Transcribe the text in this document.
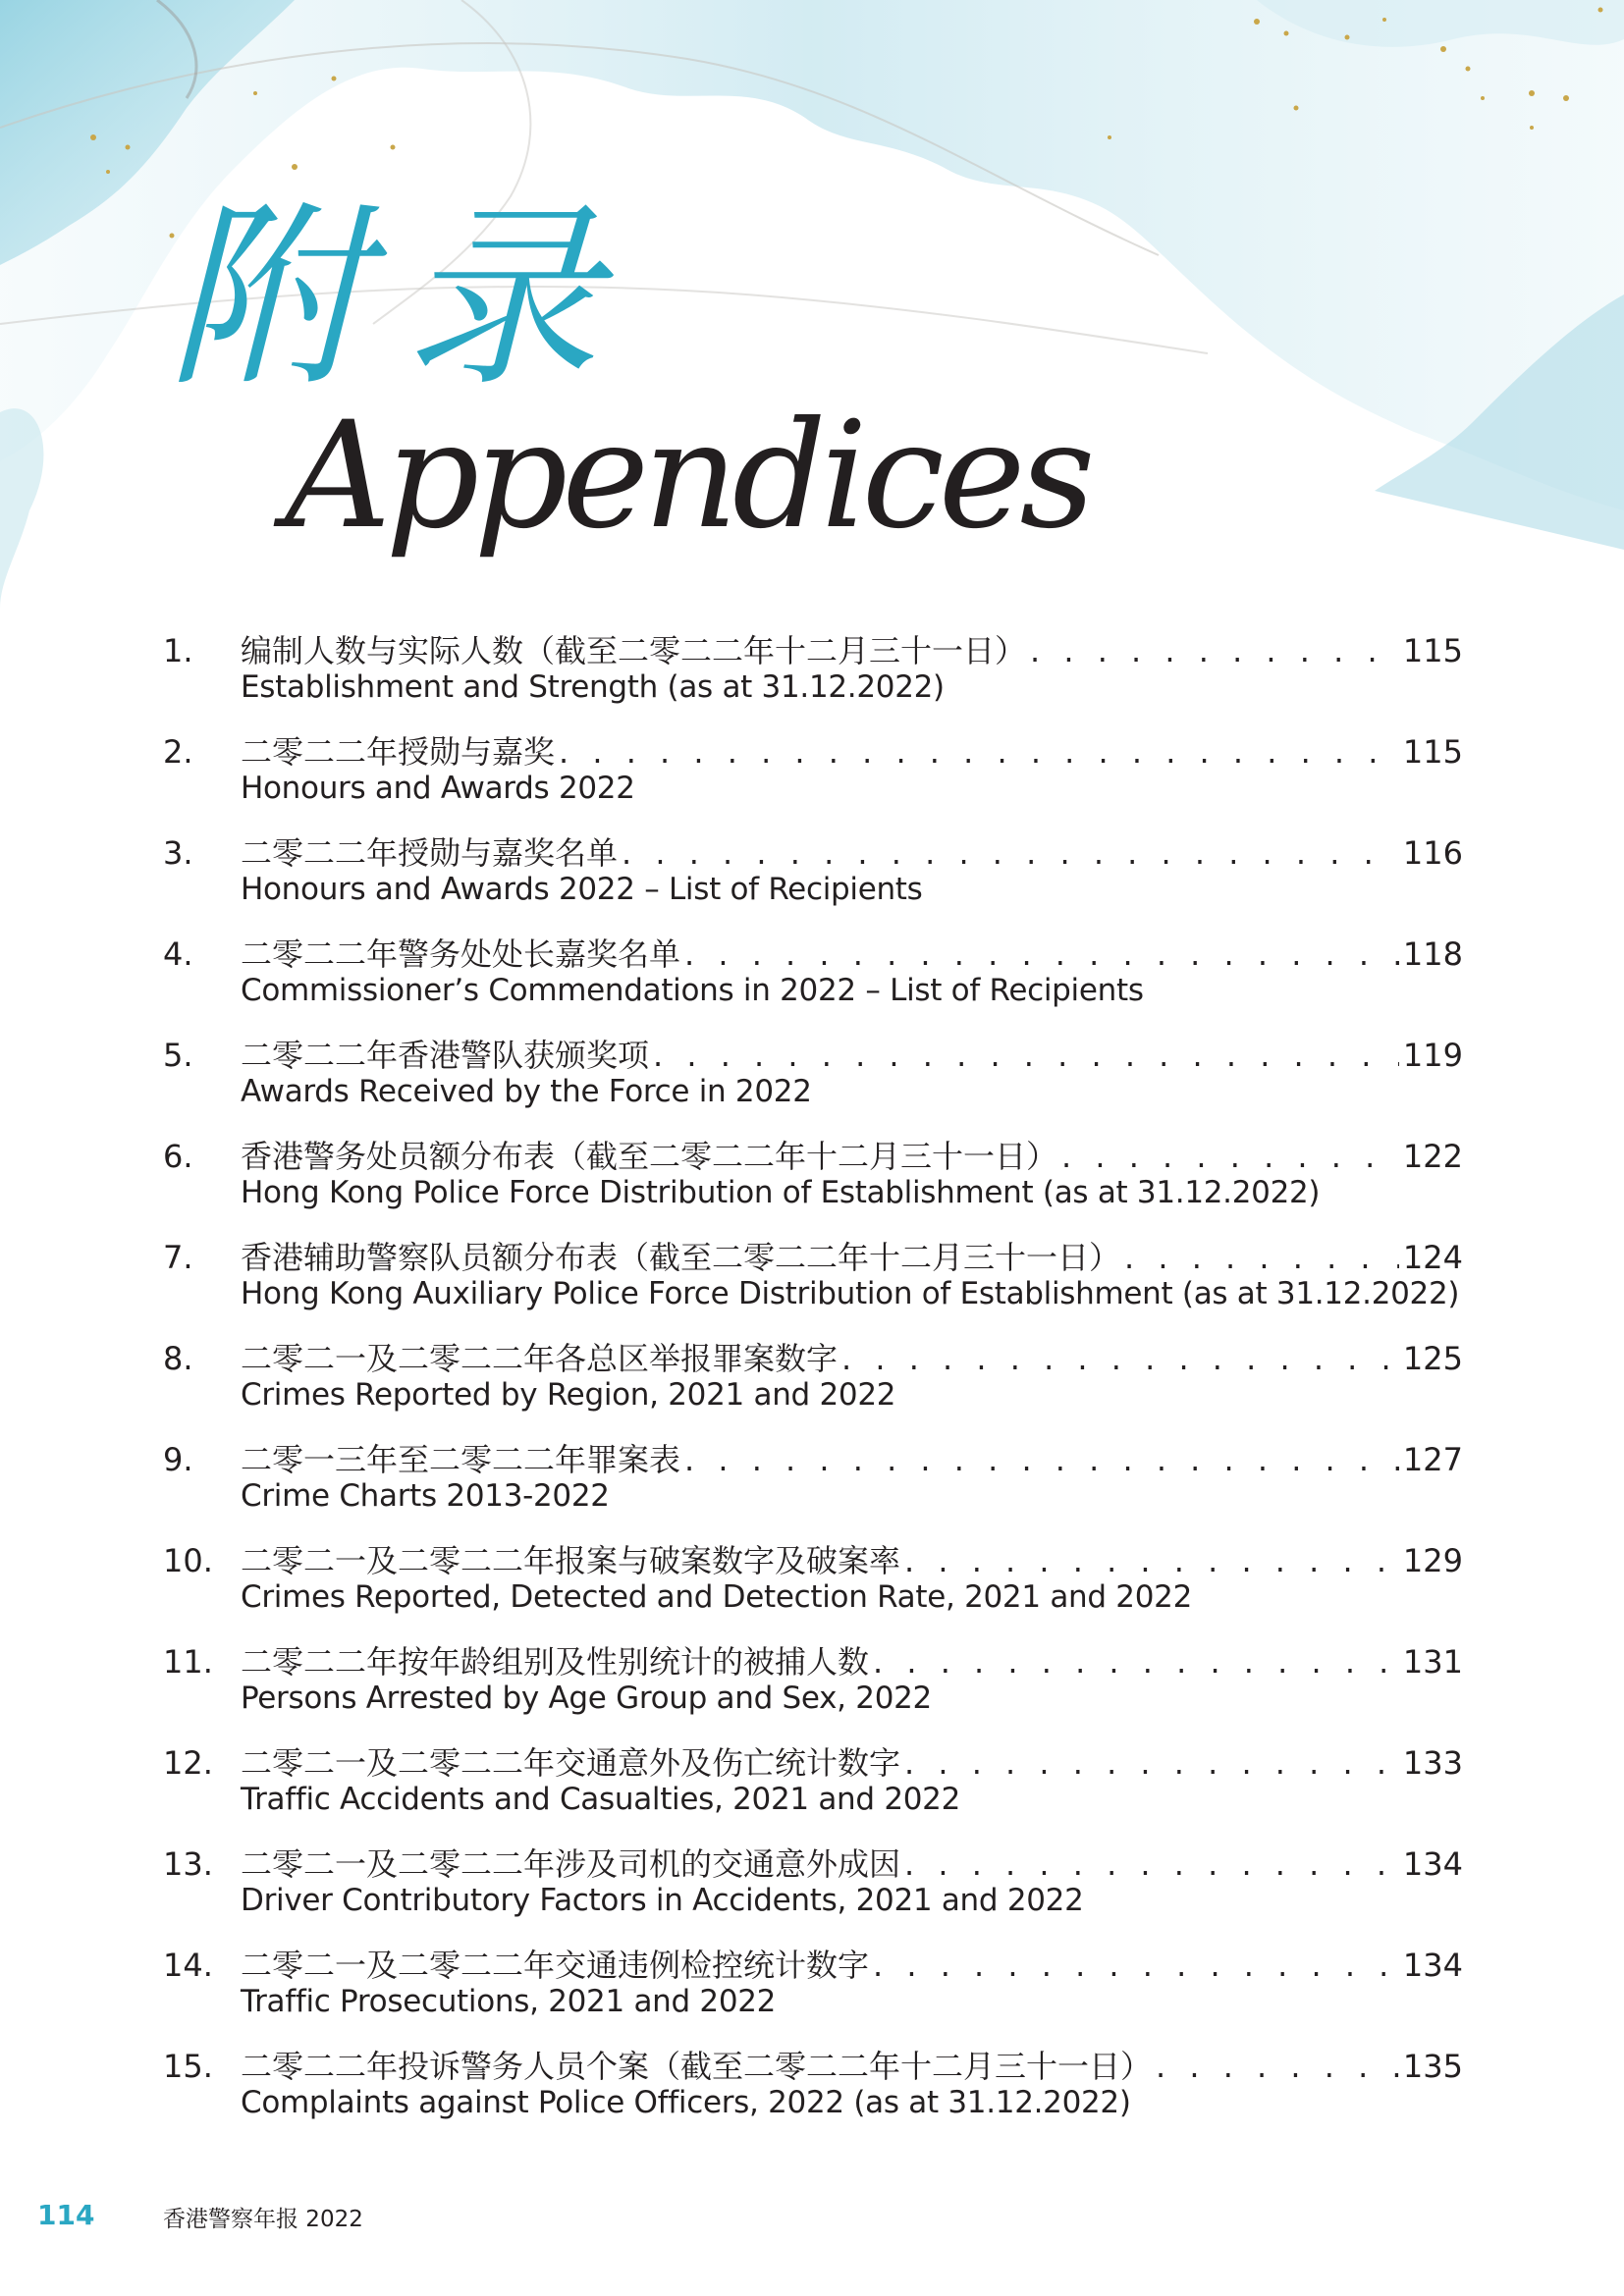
附录
Appendices
1. 编制人数与实际人数（截至二零二二年十二月三十一日） . . .	115
Establishment and Strength (as at 31.12.2022)
2. 二零二二年授勋与嘉奖 . . .	115
Honours and Awards 2022
3. 二零二二年授勋与嘉奖名单 . . .	116
Honours and Awards 2022 – List of Recipients
4. 二零二二年警务处处长嘉奖名单 . . .	118
Commissioner’s Commendations in 2022 – List of Recipients
5. 二零二二年香港警队获颁奖项 . . .	119
Awards Received by the Force in 2022
6. 香港警务处员额分布表（截至二零二二年十二月三十一日） . . .	122
Hong Kong Police Force Distribution of Establishment (as at 31.12.2022)
7. 香港辅助警察队员额分布表（截至二零二二年十二月三十一日） . . .	124
Hong Kong Auxiliary Police Force Distribution of Establishment (as at 31.12.2022)
8. 二零二一及二零二二年各总区举报罪案数字 . . .	125
Crimes Reported by Region, 2021 and 2022
9. 二零一三年至二零二二年罪案表 . . .	127
Crime Charts 2013-2022
10. 二零二一及二零二二年报案与破案数字及破案率 . . .	129
Crimes Reported, Detected and Detection Rate, 2021 and 2022
11. 二零二二年按年龄组别及性别统计的被捕人数 . . .	131
Persons Arrested by Age Group and Sex, 2022
12. 二零二一及二零二二年交通意外及伤亡统计数字 . . .	133
Traffic Accidents and Casualties, 2021 and 2022
13. 二零二一及二零二二年涉及司机的交通意外成因 . . .	134
Driver Contributory Factors in Accidents, 2021 and 2022
14. 二零二一及二零二二年交通违例检控统计数字 . . .	134
Traffic Prosecutions, 2021 and 2022
15. 二零二二年投诉警务人员个案（截至二零二二年十二月三十一日） . . .	135
Complaints against Police Officers, 2022 (as at 31.12.2022)
114	香港警察年报 2022
